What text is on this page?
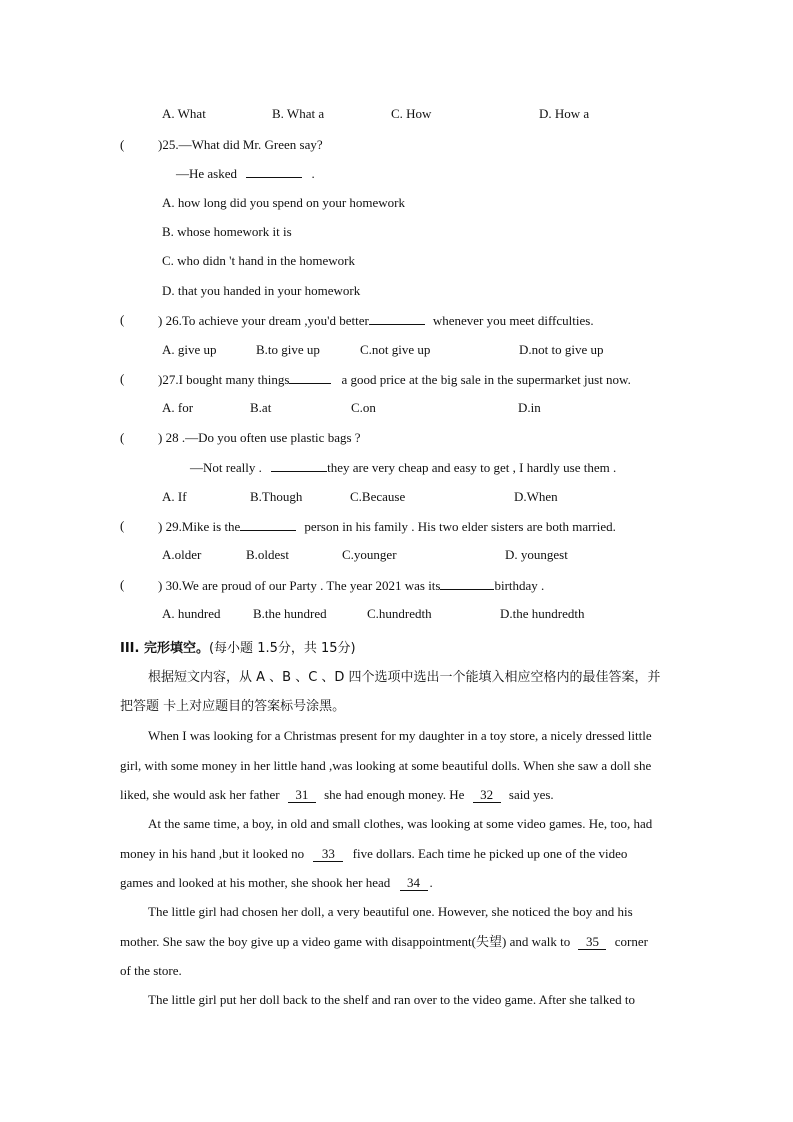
A. What	B. What a	C. How	D. How a
(	)25.—What did Mr. Green say?
—He asked	.
A. how long did you spend on your homework
B. whose homework it is
C. who didn 't hand in the homework
D. that you handed in your homework
(	) 26.To achieve your dream ,you'd better	whenever you meet diffculties.
A. give up	B.to give up	C.not give up	D.not to give up
(	)27.I bought many things	a good price at the big sale in the supermarket just now.
A. for	B.at	C.on	D.in
(	) 28 .—Do you often use plastic bags ?
—Not really .	they are very cheap and easy to get , I hardly use them .
A. If	B.Though	C.Because	D.When
(	) 29.Mike is the	person in his family . His two elder sisters are both married.
A.older	B.oldest	C.younger	D. youngest
(	) 30.We are proud of our Party . The year 2021 was its	birthday .
A. hundred	B.the hundred	C.hundredth	D.the hundredth
III. 完形填空。(每小题 1.5分，共 15分)
根据短文内容，从 A 、B 、C 、D 四个选项中选出一个能填入相应空格内的最佳答案，并
把答题 卡上对应题目的答案标号涂黑。
When I was looking for a Christmas present for my daughter in a toy store, a nicely dressed little
girl, with some money in her little hand ,was looking at some beautiful dolls. When she saw a doll she
liked, she would ask her father 31 she had enough money. He 32 said yes.
At the same time, a boy, in old and small clothes, was looking at some video games. He, too, had
money in his hand ,but it looked no 33 five dollars. Each time he picked up one of the video
games and looked at his mother, she shook her head 34 .
The little girl had chosen her doll, a very beautiful one. However, she noticed the boy and his
mother. She saw the boy give up a video game with disappointment(失望) and walk to 35 corner
of the store.
The little girl put her doll back to the shelf and ran over to the video game. After she talked to
